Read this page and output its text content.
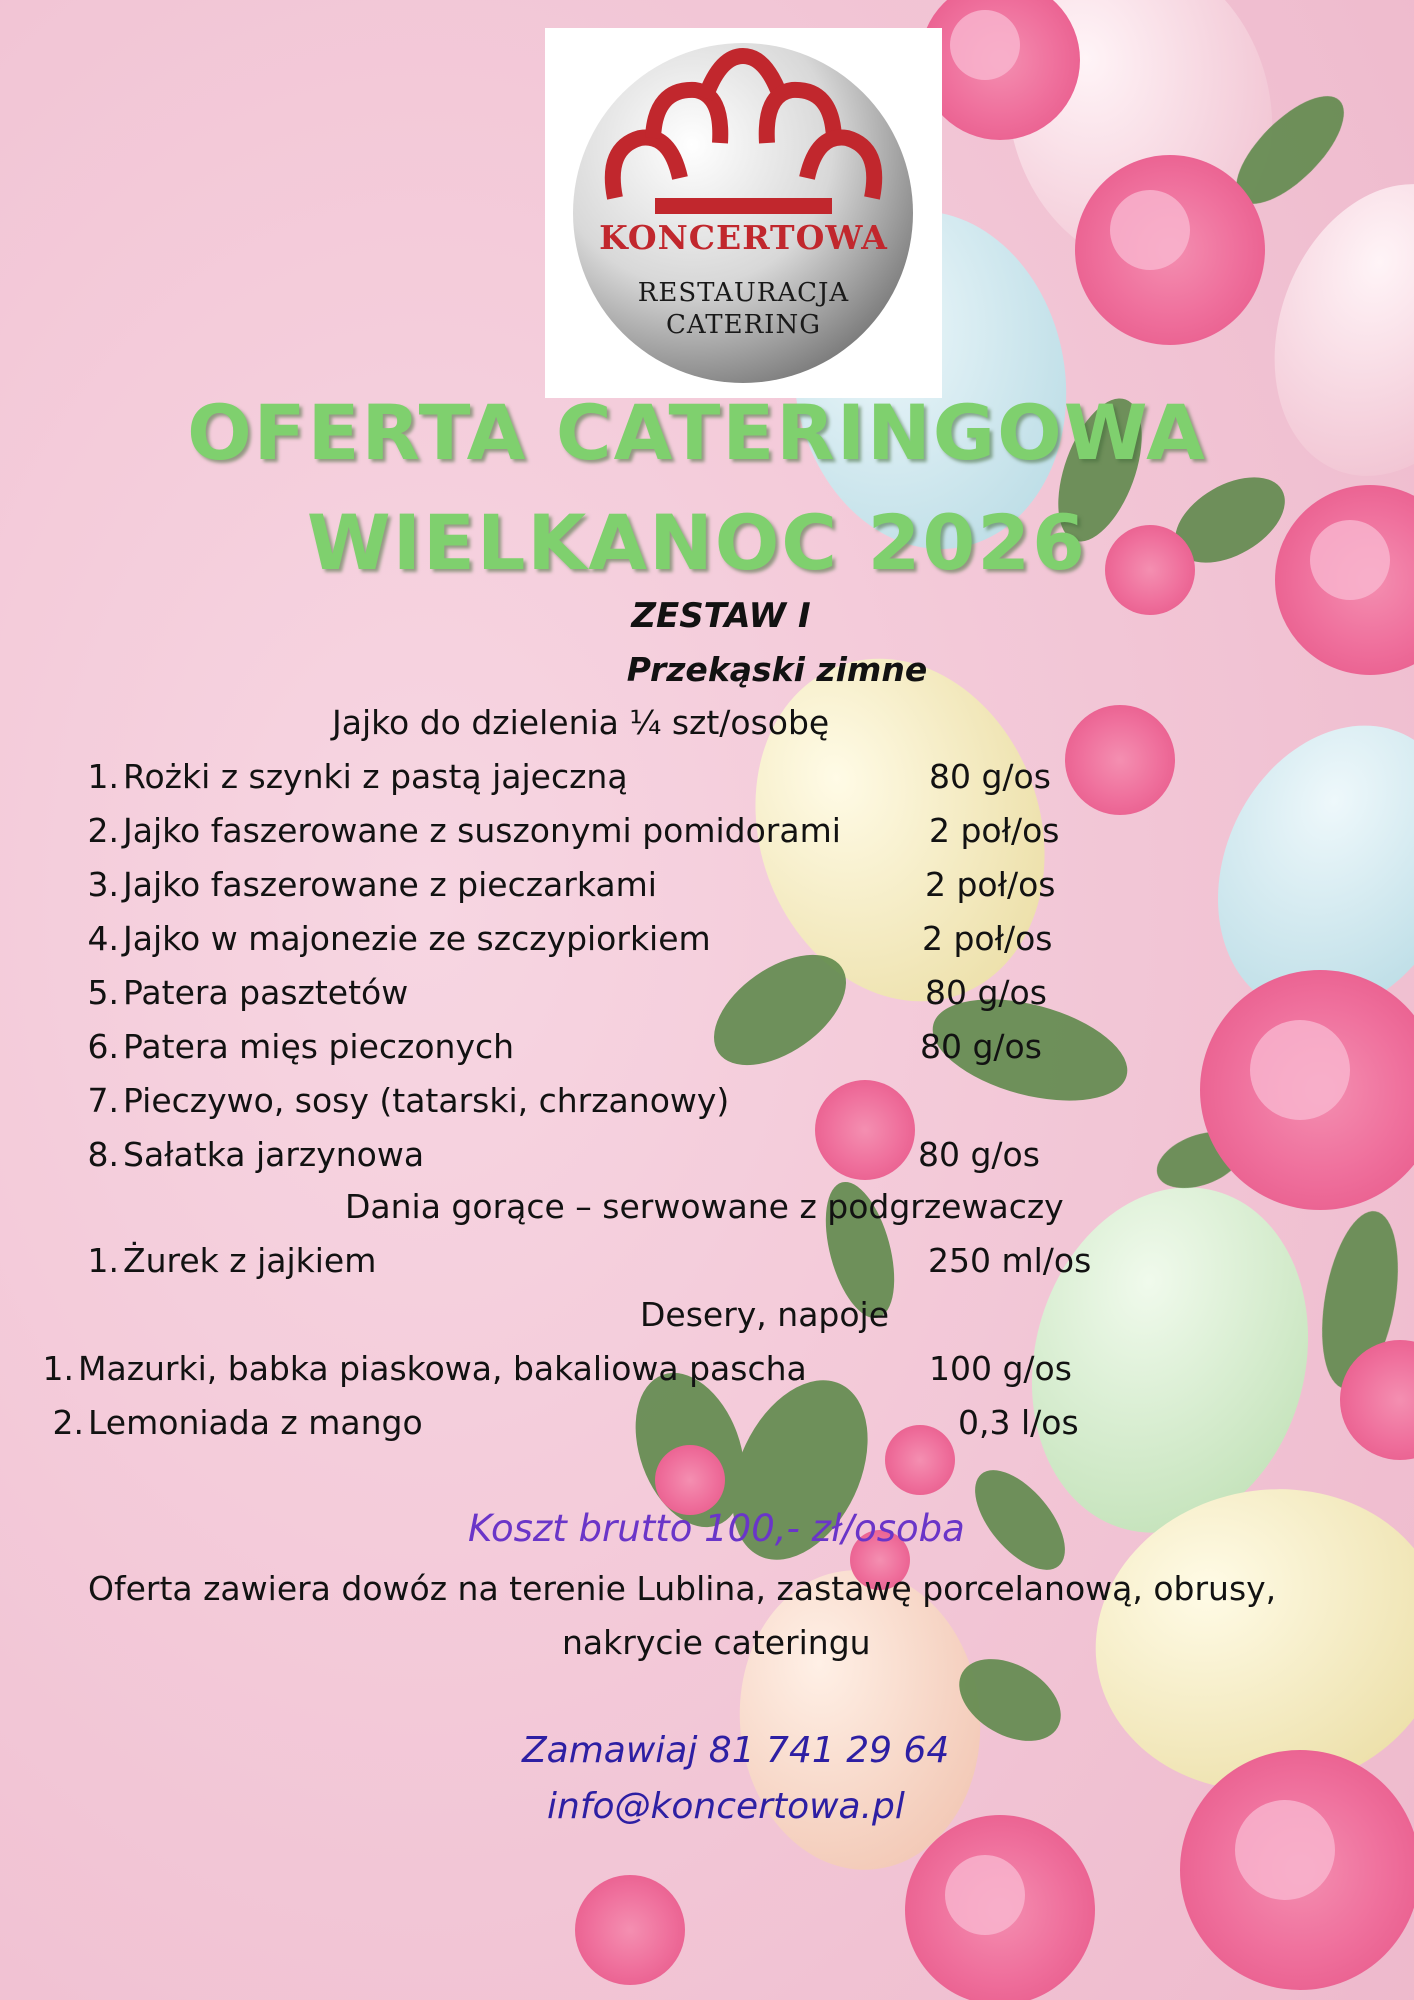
KONCERTOWA
RESTAURACJA
CATERING
OFERTA CATERINGOWA
WIELKANOC 2026
ZESTAW I
Przekąski zimne
Jajko do dzielenia ¼ szt/osobę
1. Rożki z szynki z pastą jajeczną	80 g/os
2. Jajko faszerowane z suszonymi pomidorami	2 poł/os
3. Jajko faszerowane z pieczarkami	2 poł/os
4. Jajko w majonezie ze szczypiorkiem	2 poł/os
5. Patera pasztetów	80 g/os
6. Patera mięs pieczonych	80 g/os
7. Pieczywo, sosy (tatarski, chrzanowy)
8. Sałatka jarzynowa	80 g/os
Dania gorące – serwowane z podgrzewaczy
1. Żurek z jajkiem	250 ml/os
Desery, napoje
1. Mazurki, babka piaskowa, bakaliowa pascha	100 g/os
2. Lemoniada z mango	0,3 l/os
Koszt brutto 100,- zł/osoba
Oferta zawiera dowóz na terenie Lublina, zastawę porcelanową, obrusy,
nakrycie cateringu
Zamawiaj 81 741 29 64
info@koncertowa.pl
